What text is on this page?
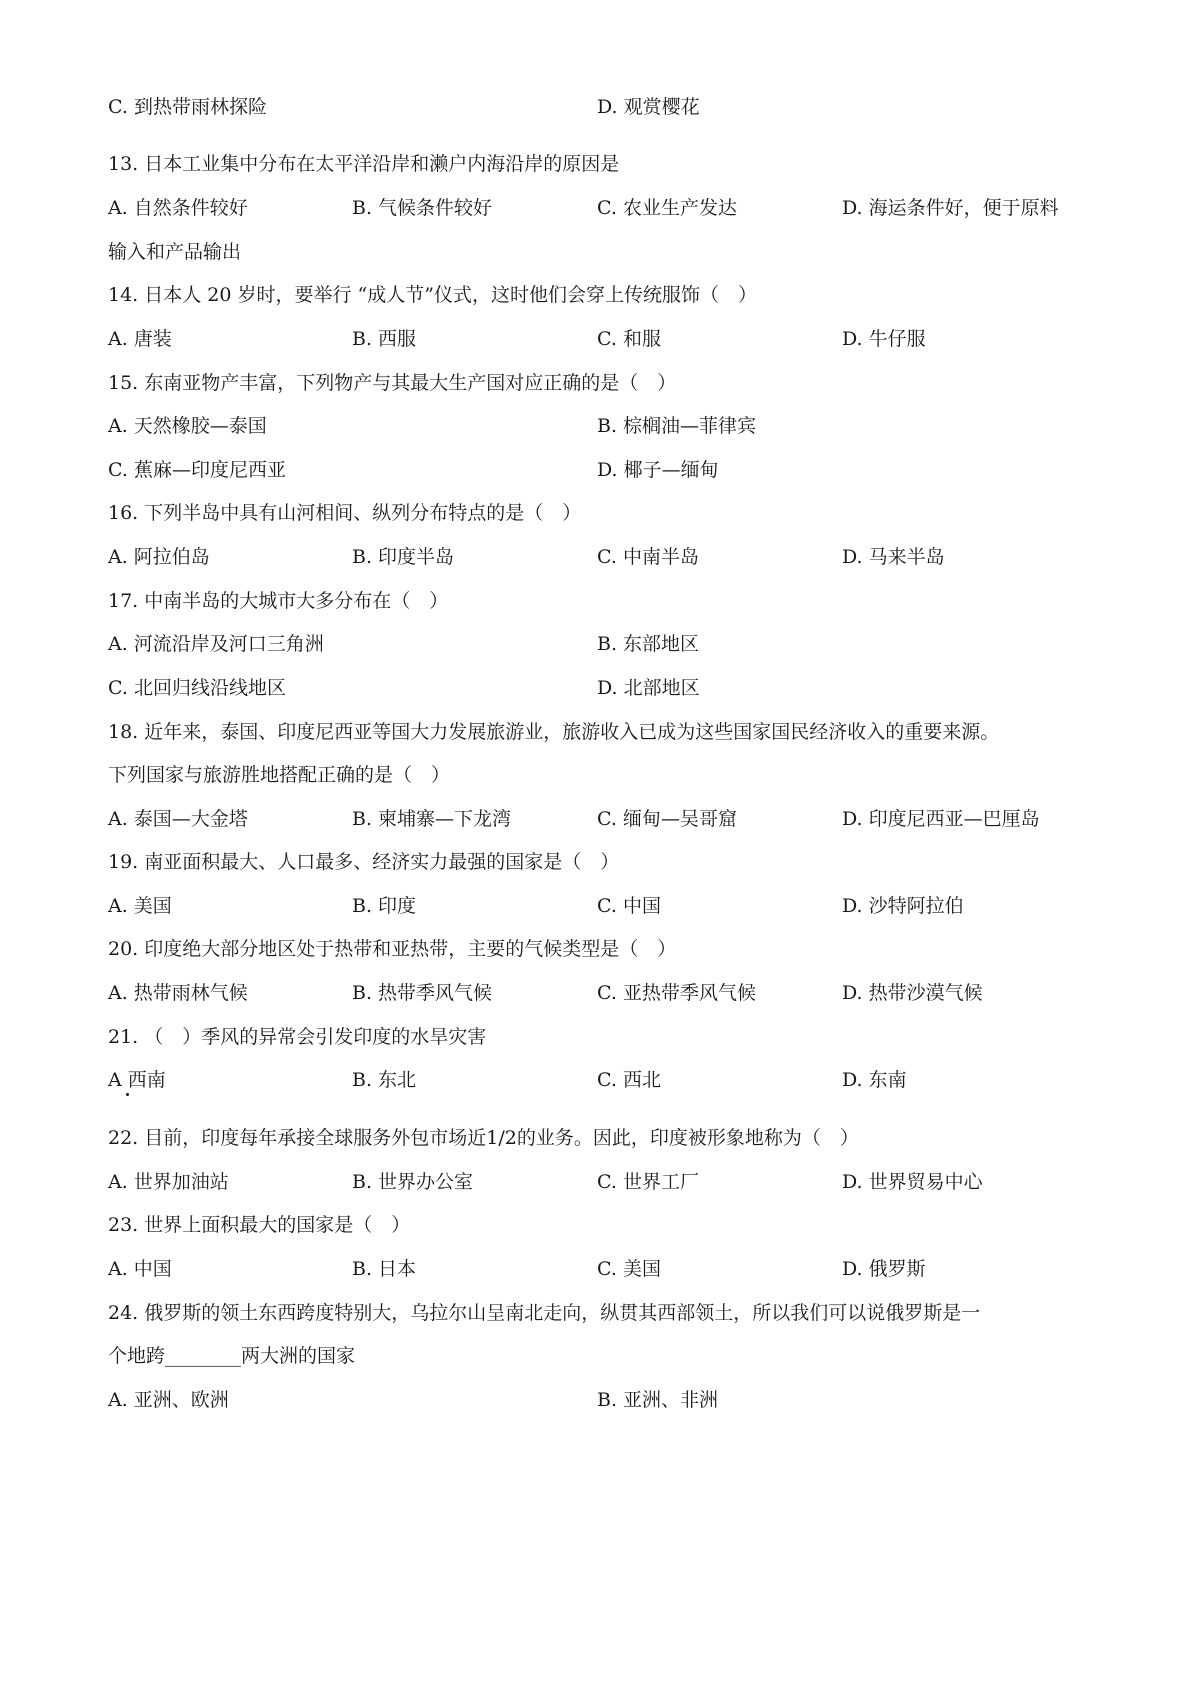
C. 到热带雨林探险	D. 观赏樱花
13. 日本工业集中分布在太平洋沿岸和濑户内海沿岸的原因是
A. 自然条件较好	B. 气候条件较好	C. 农业生产发达	D. 海运条件好，便于原料
输入和产品输出
14. 日本人 20 岁时，要举行 “成人节”仪式，这时他们会穿上传统服饰（　）
A. 唐装	B. 西服	C. 和服	D. 牛仔服
15. 东南亚物产丰富，下列物产与其最大生产国对应正确的是（　）
A. 天然橡胶—泰国	B. 棕榈油—菲律宾
C. 蕉麻—印度尼西亚	D. 椰子—缅甸
16. 下列半岛中具有山河相间、纵列分布特点的是（　）
A. 阿拉伯岛	B. 印度半岛	C. 中南半岛	D. 马来半岛
17. 中南半岛的大城市大多分布在（　）
A. 河流沿岸及河口三角洲	B. 东部地区
C. 北回归线沿线地区	D. 北部地区
18. 近年来，泰国、印度尼西亚等国大力发展旅游业，旅游收入已成为这些国家国民经济收入的重要来源。
下列国家与旅游胜地搭配正确的是（　）
A. 泰国—大金塔	B. 柬埔寨—下龙湾	C. 缅甸—吴哥窟	D. 印度尼西亚—巴厘岛
19. 南亚面积最大、人口最多、经济实力最强的国家是（　）
A. 美国	B. 印度	C. 中国	D. 沙特阿拉伯
20. 印度绝大部分地区处于热带和亚热带，主要的气候类型是（　）
A. 热带雨林气候	B. 热带季风气候	C. 亚热带季风气候	D. 热带沙漠气候
21. （　）季风的异常会引发印度的水旱灾害
A 西南	B. 东北	C. 西北	D. 东南
22. 目前，印度每年承接全球服务外包市场近1/2的业务。因此，印度被形象地称为（　）
A. 世界加油站	B. 世界办公室	C. 世界工厂	D. 世界贸易中心
23. 世界上面积最大的国家是（　）
A. 中国	B. 日本	C. 美国	D. 俄罗斯
24. 俄罗斯的领土东西跨度特别大，乌拉尔山呈南北走向，纵贯其西部领土，所以我们可以说俄罗斯是一
个地跨________两大洲的国家
A. 亚洲、欧洲	B. 亚洲、非洲
